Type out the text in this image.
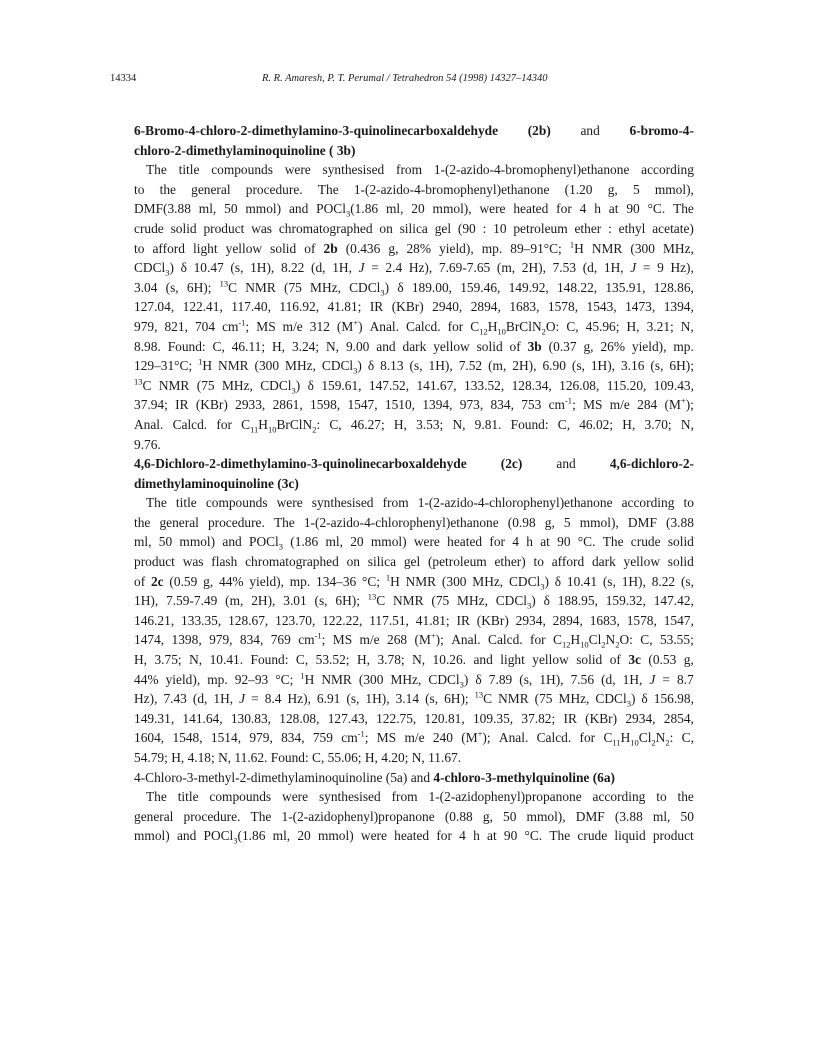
14334	R. R. Amaresh, P. T. Perumal / Tetrahedron 54 (1998) 14327–14340
6-Bromo-4-chloro-2-dimethylamino-3-quinolinecarboxaldehyde (2b) and 6-bromo-4-
chloro-2-dimethylaminoquinoline ( 3b)
The title compounds were synthesised from 1-(2-azido-4-bromophenyl)ethanone according
to the general procedure. The 1-(2-azido-4-bromophenyl)ethanone (1.20 g, 5 mmol),
DMF(3.88 ml, 50 mmol) and POCl$_3$(1.86 ml, 20 mmol), were heated for 4 h at 90 °C. The
crude solid product was chromatographed on silica gel (90 : 10 petroleum ether : ethyl acetate)
to afford light yellow solid of 2b (0.436 g, 28% yield), mp. 89–91°C; $^1$H NMR (300 MHz,
CDCl$_3$) δ 10.47 (s, 1H), 8.22 (d, 1H, J = 2.4 Hz), 7.69-7.65 (m, 2H), 7.53 (d, 1H, J = 9 Hz),
3.04 (s, 6H); $^{13}$C NMR (75 MHz, CDCl$_3$) δ 189.00, 159.46, 149.92, 148.22, 135.91, 128.86,
127.04, 122.41, 117.40, 116.92, 41.81; IR (KBr) 2940, 2894, 1683, 1578, 1543, 1473, 1394,
979, 821, 704 $cm^{-1}$; MS m/e 312 (M+) Anal. Calcd. for $C_{12}H_{10}BrClN_2O$: C, 45.96; H, 3.21; N,
8.98. Found: C, 46.11; H, 3.24; N, 9.00 and dark yellow solid of 3b (0.37 g, 26% yield), mp.
129–31°C; $^1$H NMR (300 MHz, CDCl$_3$) δ 8.13 (s, 1H), 7.52 (m, 2H), 6.90 (s, 1H), 3.16 (s, 6H);
$^{13}$C NMR (75 MHz, CDCl$_3$) δ 159.61, 147.52, 141.67, 133.52, 128.34, 126.08, 115.20, 109.43,
37.94; IR (KBr) 2933, 2861, 1598, 1547, 1510, 1394, 973, 834, 753 $cm^{-1}$; MS m/e 284 (M+);
Anal. Calcd. for $C_{11}H_{10}BrClN_2$: C, 46.27; H, 3.53; N, 9.81. Found: C, 46.02; H, 3.70; N,
9.76.
4,6-Dichloro-2-dimethylamino-3-quinolinecarboxaldehyde	(2c)	and	4,6-dichloro-2-
dimethylaminoquinoline (3c)
The title compounds were synthesised from 1-(2-azido-4-chlorophenyl)ethanone according to
the general procedure. The 1-(2-azido-4-chlorophenyl)ethanone (0.98 g, 5 mmol), DMF (3.88
ml, 50 mmol) and POCl$_3$ (1.86 ml, 20 mmol) were heated for 4 h at 90 °C. The crude solid
product was flash chromatographed on silica gel (petroleum ether) to afford dark yellow solid
of 2c (0.59 g, 44% yield), mp. 134–36 °C; $^1$H NMR (300 MHz, CDCl$_3$) δ 10.41 (s, 1H), 8.22 (s,
1H), 7.59-7.49 (m, 2H), 3.01 (s, 6H); $^{13}$C NMR (75 MHz, CDCl$_3$) δ 188.95, 159.32, 147.42,
146.21, 133.35, 128.67, 123.70, 122.22, 117.51, 41.81; IR (KBr) 2934, 2894, 1683, 1578, 1547,
1474, 1398, 979, 834, 769 $cm^{-1}$; MS m/e 268 (M+); Anal. Calcd. for $C_{12}H_{10}Cl_2N_2O$: C, 53.55;
H, 3.75; N, 10.41. Found: C, 53.52; H, 3.78; N, 10.26. and light yellow solid of 3c (0.53 g,
44% yield), mp. 92–93 °C; $^1$H NMR (300 MHz, CDCl$_3$) δ 7.89 (s, 1H), 7.56 (d, 1H, J = 8.7
Hz), 7.43 (d, 1H, J = 8.4 Hz), 6.91 (s, 1H), 3.14 (s, 6H); $^{13}$C NMR (75 MHz, CDCl$_3$) δ 156.98,
149.31, 141.64, 130.83, 128.08, 127.43, 122.75, 120.81, 109.35, 37.82; IR (KBr) 2934, 2854,
1604, 1548, 1514, 979, 834, 759 $cm^{-1}$; MS m/e 240 (M+); Anal. Calcd. for $C_{11}H_{10}Cl_2N_2$: C,
54.79; H, 4.18; N, 11.62. Found: C, 55.06; H, 4.20; N, 11.67.
4-Chloro-3-methyl-2-dimethylaminoquinoline (5a) and 4-chloro-3-methylquinoline (6a)
The title compounds were synthesised from 1-(2-azidophenyl)propanone according to the
general procedure. The 1-(2-azidophenyl)propanone (0.88 g, 50 mmol), DMF (3.88 ml, 50
mmol) and POCl$_3$(1.86 ml, 20 mmol) were heated for 4 h at 90 °C. The crude liquid product
